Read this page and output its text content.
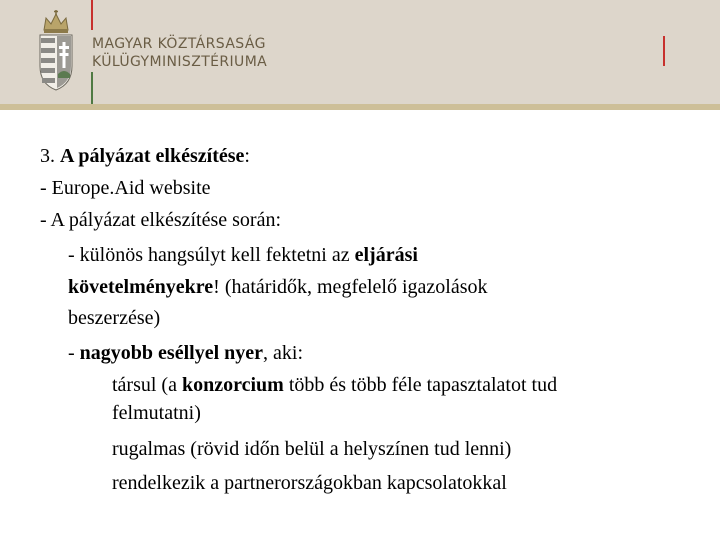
MAGYAR KÖZTÁRSASÁG
KÜLÜGYMINISZTÉRIUMA
3. A pályázat elkészítése:
- Europe.Aid website
- A pályázat elkészítése során:
- különös hangsúlyt kell fektetni az eljárási
követelményekre! (határidők, megfelelő igazolások
beszerzése)
- nagyobb eséllyel nyer, aki:
társul (a konzorcium több és több féle tapasztalatot tud
felmutatni)
rugalmas (rövid időn belül a helyszínen tud lenni)
rendelkezik a partnerországokban kapcsolatokkal
